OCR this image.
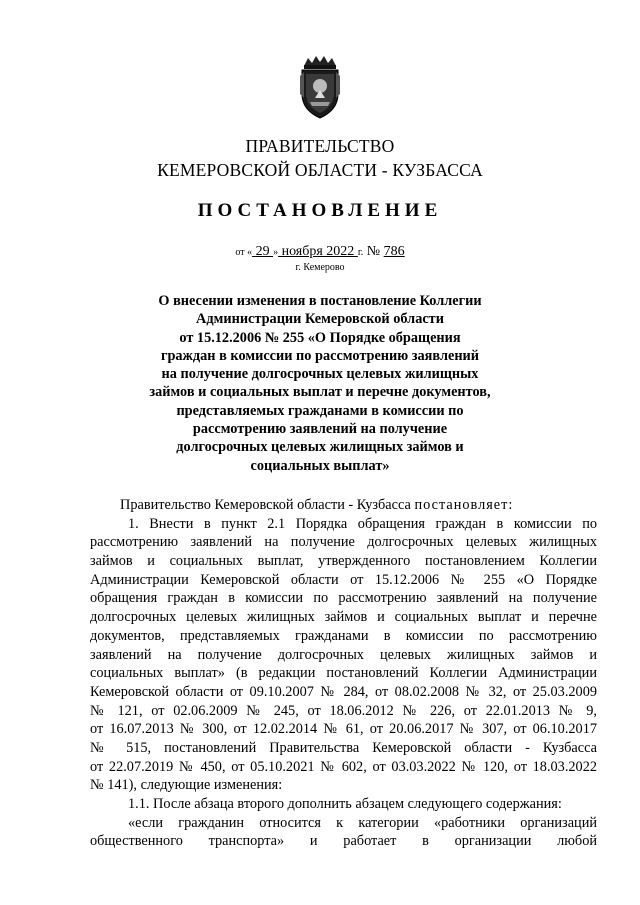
ПРАВИТЕЛЬСТВО
КЕМЕРОВСКОЙ ОБЛАСТИ - КУЗБАССА
ПОСТАНОВЛЕНИЕ
от « 29 » ноября 2022 г. № 786
г. Кемерово
О внесении изменения в постановление Коллегии
Администрации Кемеровской области
от 15.12.2006 № 255 «О Порядке обращения
граждан в комиссии по рассмотрению заявлений
на получение долгосрочных целевых жилищных
займов и социальных выплат и перечне документов,
представляемых гражданами в комиссии по
рассмотрению заявлений на получение
долгосрочных целевых жилищных займов и
социальных выплат»
Правительство Кемеровской области - Кузбасса постановляет:
1. Внести в пункт 2.1 Порядка обращения граждан в комиссии по
рассмотрению заявлений на получение долгосрочных целевых жилищных
займов и социальных выплат, утвержденного постановлением Коллегии
Администрации Кемеровской области от 15.12.2006 № 255 «О Порядке
обращения граждан в комиссии по рассмотрению заявлений на получение
долгосрочных целевых жилищных займов и социальных выплат и перечне
документов, представляемых гражданами в комиссии по рассмотрению
заявлений на получение долгосрочных целевых жилищных займов и
социальных выплат» (в редакции постановлений Коллегии Администрации
Кемеровской области от 09.10.2007 № 284, от 08.02.2008 № 32, от 25.03.2009
№ 121, от 02.06.2009 № 245, от 18.06.2012 № 226, от 22.01.2013 № 9,
от 16.07.2013 № 300, от 12.02.2014 № 61, от 20.06.2017 № 307, от 06.10.2017
№ 515, постановлений Правительства Кемеровской области - Кузбасса
от 22.07.2019 № 450, от 05.10.2021 № 602, от 03.03.2022 № 120, от 18.03.2022
№ 141), следующие изменения:
1.1. После абзаца второго дополнить абзацем следующего содержания:
«если гражданин относится к категории «работники организаций
общественного транспорта» и работает в организации любой
